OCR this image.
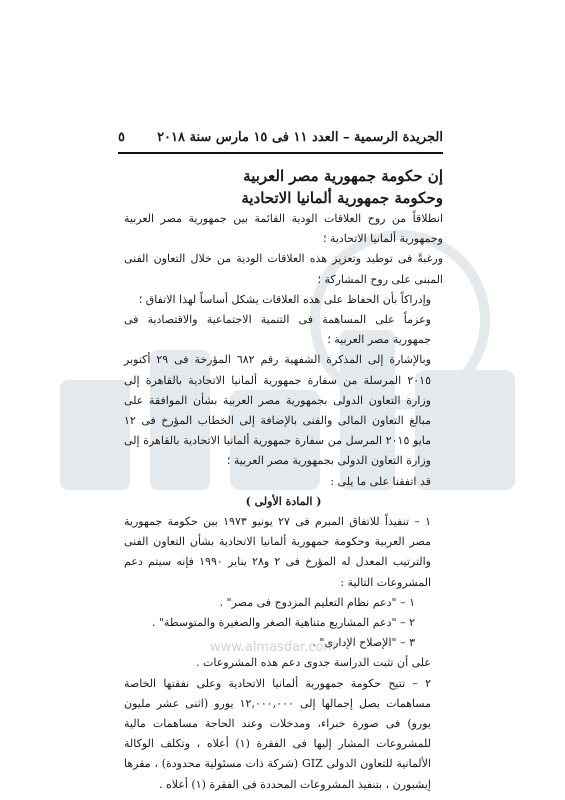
الجريدة الرسمية – العدد ١١ فى ١٥ مارس سنة ٢٠١٨
٥
إن حكومة جمهورية مصر العربية
وحكومة جمهورية ألمانيا الاتحادية

انطلاقاً من روح العلاقات الودية القائمة بين جمهورية مصر العربية وجمهورية ألمانيا الاتحادية ؛

ورغبةً فى توطيد وتعزيز هذه العلاقات الودية من خلال التعاون الفنى المبنى على روح المشاركة ؛

وإدراكاً بأن الحفاظ على هذه العلاقات يشكل أساساً لهذا الاتفاق ؛

وعزماً على المساهمة فى التنمية الاجتماعية والاقتصادية فى جمهورية مصر العربية ؛

وبالإشارة إلى المذكرة الشفهية رقم ٦٨٢ المؤرخة فى ٢٩ أكتوبر ٢٠١٥ المرسلة من سفارة جمهورية ألمانيا الاتحادية بالقاهرة إلى وزارة التعاون الدولى بجمهورية مصر العربية بشأن الموافقة على مبالغ التعاون المالى والفنى بالإضافة إلى الخطاب المؤرخ فى ١٢ مايو ٢٠١٥ المرسل من سفارة جمهورية ألمانيا الاتحادية بالقاهرة إلى وزارة التعاون الدولى بجمهورية مصر العربية ؛

قد اتفقنا على ما يلى :

( المادة الأولى )

١ – تنفيذاً للاتفاق المبرم فى ٢٧ يونيو ١٩٧٣ بين حكومة جمهورية مصر العربية وحكومة جمهورية ألمانيا الاتحادية بشأن التعاون الفنى والترتيب المعدل له المؤرخ فى ٢ و٢٨ يناير ١٩٩٠ فإنه سيتم دعم المشروعات التالية :

١ – "دعم نظام التعليم المزدوج فى مصر" .

٢ – "دعم المشاريع متناهية الصغر والصغيرة والمتوسطة" .

٣ – "الإصلاح الإدارى" .

على أن تثبت الدراسة جدوى دعم هذه المشروعات .

٢ – تتيح حكومة جمهورية ألمانيا الاتحادية وعلى نفقتها الخاصة مساهمات يصل إجمالها إلى ١٢,٠٠٠,٠٠٠ يورو (اثنى عشر مليون يورو) فى صورة خبراء، ومدخلات وعند الحاجة مساهمات مالية للمشروعات المشار إليها فى الفقرة (١) أعلاه ، وتكلف الوكالة الألمانية للتعاون الدولى GIZ (شركة ذات مسئولية محدودة) ، مقرها إيشبورن ، بتنفيذ المشروعات المحددة فى الفقرة (١) أعلاه .

www.almasdar.com
